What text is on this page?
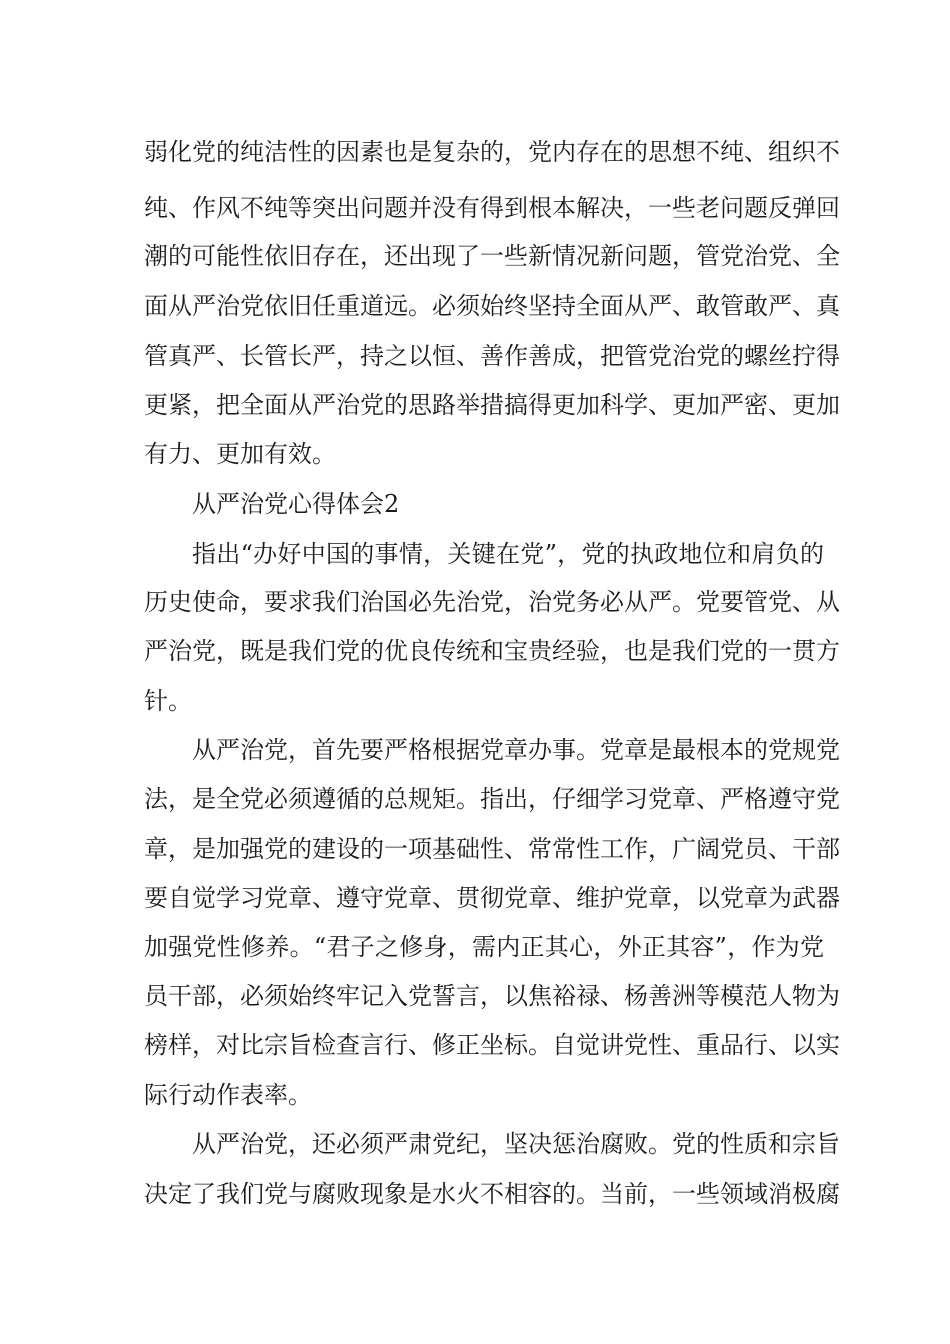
弱化党的纯洁性的因素也是复杂的，党内存在的思想不纯、组织不
纯、作风不纯等突出问题并没有得到根本解决，一些老问题反弹回
潮的可能性依旧存在，还出现了一些新情况新问题，管党治党、全
面从严治党依旧任重道远。必须始终坚持全面从严、敢管敢严、真
管真严、长管长严，持之以恒、善作善成，把管党治党的螺丝拧得
更紧，把全面从严治党的思路举措搞得更加科学、更加严密、更加
有力、更加有效。
从严治党心得体会2
指出“办好中国的事情，关键在党”，党的执政地位和肩负的
历史使命，要求我们治国必先治党，治党务必从严。党要管党、从
严治党，既是我们党的优良传统和宝贵经验，也是我们党的一贯方
针。
从严治党，首先要严格根据党章办事。党章是最根本的党规党
法，是全党必须遵循的总规矩。指出，仔细学习党章、严格遵守党
章，是加强党的建设的一项基础性、常常性工作，广阔党员、干部
要自觉学习党章、遵守党章、贯彻党章、维护党章，以党章为武器
加强党性修养。“君子之修身，需内正其心，外正其容”，作为党
员干部，必须始终牢记入党誓言，以焦裕禄、杨善洲等模范人物为
榜样，对比宗旨检查言行、修正坐标。自觉讲党性、重品行、以实
际行动作表率。
从严治党，还必须严肃党纪，坚决惩治腐败。党的性质和宗旨
决定了我们党与腐败现象是水火不相容的。当前，一些领域消极腐
